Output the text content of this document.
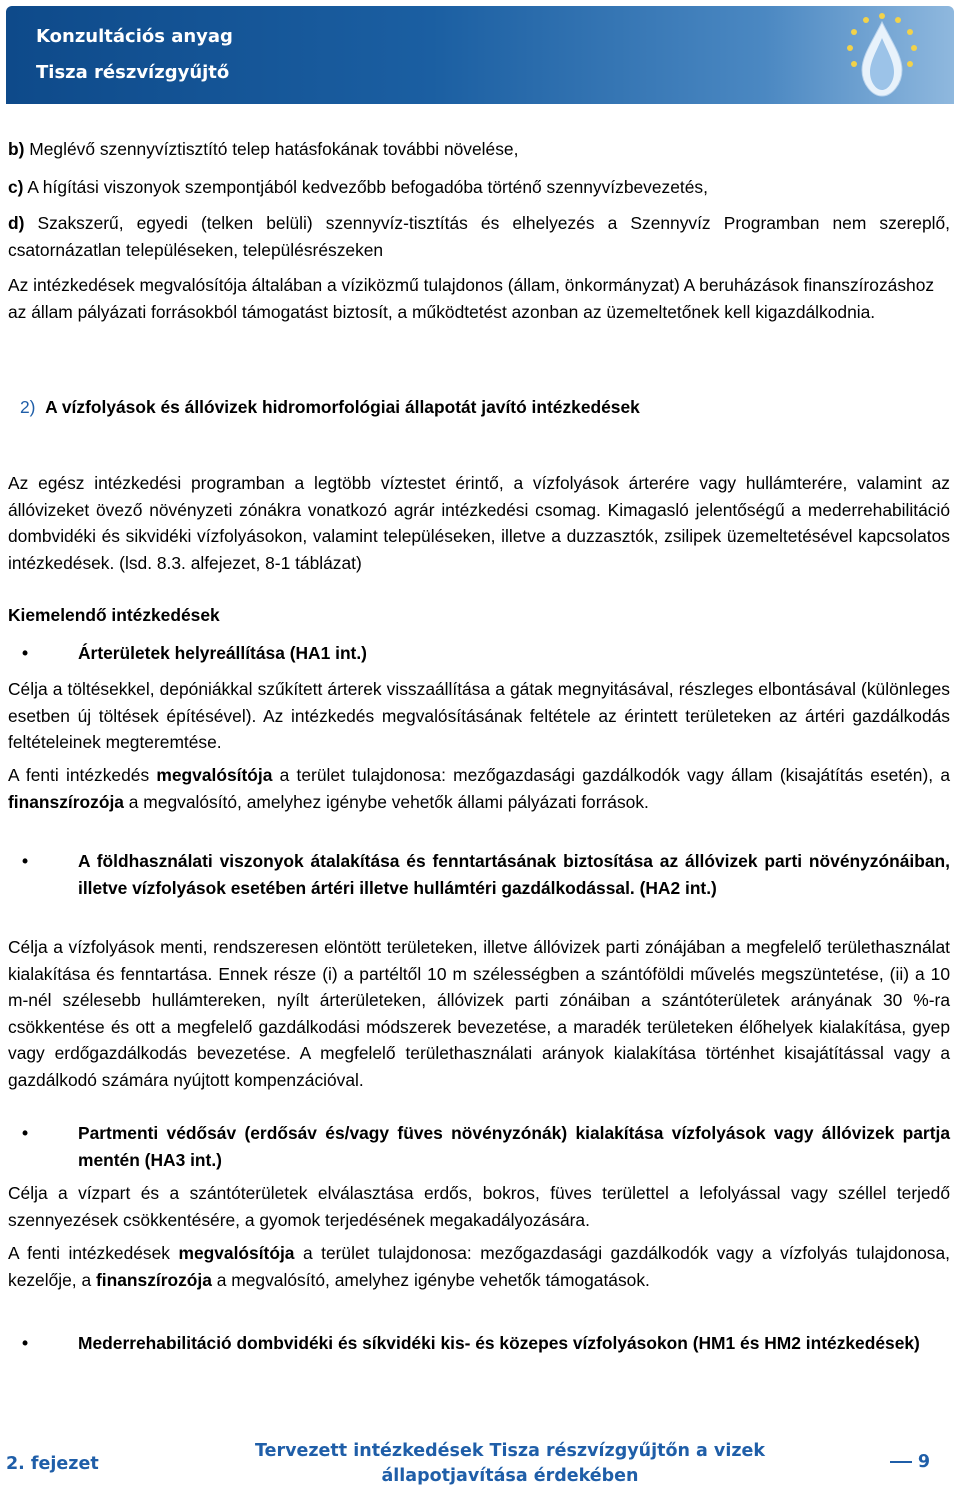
Konzultációs anyag
Tisza részvízgyűjtő
b) Meglévő szennyvíztisztító telep hatásfokának további növelése,
c) A hígítási viszonyok szempontjából kedvezőbb befogadóba történő szennyvízbevezetés,
d) Szakszerű, egyedi (telken belüli) szennyvíz-tisztítás és elhelyezés a Szennyvíz Programban nem szereplő, csatornázatlan településeken, településrészeken

Az intézkedések megvalósítója általában a víziközmű tulajdonos (állam, önkormányzat) A beruházások finanszírozáshoz az állam pályázati forrásokból támogatást biztosít, a működtetést azonban az üzemeltetőnek kell kigazdálkodnia.

2) A vízfolyások és állóvizek hidromorfológiai állapotát javító intézkedések

Az egész intézkedési programban a legtöbb víztestet érintő, a vízfolyások árterére vagy hullámterére, valamint az állóvizeket övező növényzeti zónákra vonatkozó agrár intézkedési csomag. Kimagasló jelentőségű a mederrehabilitáció dombvidéki és sikvidéki vízfolyásokon, valamint településeken, illetve a duzzasztók, zsilipek üzemeltetésével kapcsolatos intézkedések. (lsd. 8.3. alfejezet, 8-1 táblázat)

Kiemelendő intézkedések
•	Árterületek helyreállítása (HA1 int.)

Célja a töltésekkel, depóniákkal szűkített árterek visszaállítása a gátak megnyitásával, részleges elbontásával (különleges esetben új töltések építésével). Az intézkedés megvalósításának feltétele az érintett területeken az ártéri gazdálkodás feltételeinek megteremtése.

A fenti intézkedés megvalósítója a terület tulajdonosa: mezőgazdasági gazdálkodók vagy állam (kisajátítás esetén), a finanszírozója a megvalósító, amelyhez igénybe vehetők állami pályázati források.

•	A földhasználati viszonyok átalakítása és fenntartásának biztosítása az állóvizek parti növényzónáiban, illetve vízfolyások esetében ártéri illetve hullámtéri gazdálkodással. (HA2 int.)

Célja a vízfolyások menti, rendszeresen elöntött területeken, illetve állóvizek parti zónájában a megfelelő területhasználat kialakítása és fenntartása. Ennek része (i) a partéltől 10 m szélességben a szántóföldi művelés megszüntetése, (ii) a 10 m-nél szélesebb hullámtereken, nyílt árterületeken, állóvizek parti zónáiban a szántóterületek arányának 30 %-ra csökkentése és ott a megfelelő gazdálkodási módszerek bevezetése, a maradék területeken élőhelyek kialakítása, gyep vagy erdőgazdálkodás bevezetése. A megfelelő területhasználati arányok kialakítása történhet kisajátítással vagy a gazdálkodó számára nyújtott kompenzációval.

•	Partmenti védősáv (erdősáv és/vagy füves növényzónák) kialakítása vízfolyások vagy állóvizek partja mentén (HA3 int.)

Célja a vízpart és a szántóterületek elválasztása erdős, bokros, füves területtel a lefolyással vagy széllel terjedő szennyezések csökkentésére, a gyomok terjedésének megakadályozására.

A fenti intézkedések megvalósítója a terület tulajdonosa: mezőgazdasági gazdálkodók vagy a vízfolyás tulajdonosa, kezelője, a finanszírozója a megvalósító, amelyhez igénybe vehetők támogatások.

•	Mederrehabilitáció dombvidéki és síkvidéki kis- és közepes vízfolyásokon (HM1 és HM2 intézkedések)
2. fejezet
Tervezett intézkedések Tisza részvízgyűjtőn a vizek
állapotjavítása érdekében
9
